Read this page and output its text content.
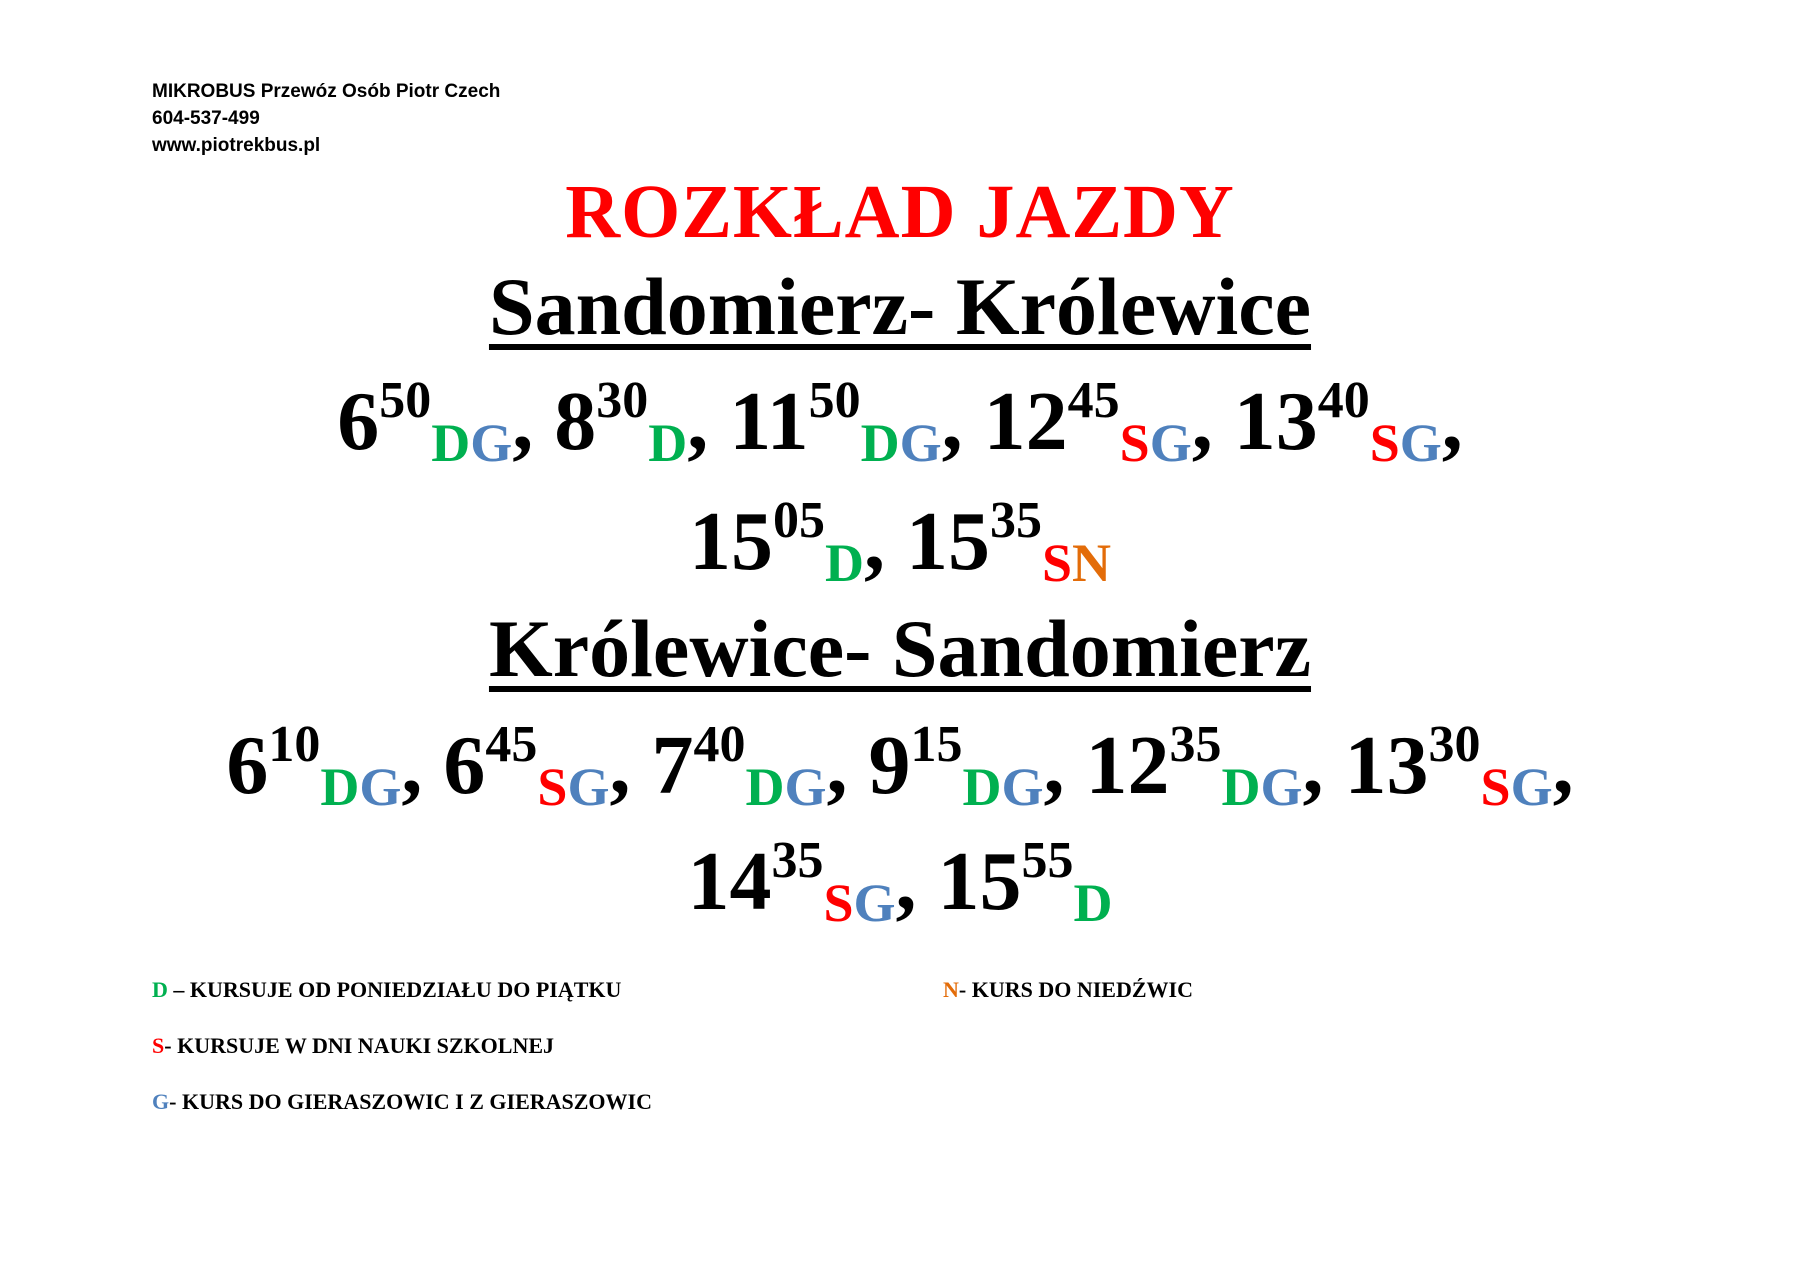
MIKROBUS Przewóz Osób Piotr Czech
604-537-499
www.piotrekbus.pl
ROZKŁAD JAZDY
Sandomierz- Królewice
$6^{50}DG$, $8^{30}D$, $11^{50}DG$, $12^{45}SG$, $13^{40}SG$,
$15^{05}D$, $15^{35}SN$
Królewice- Sandomierz
$6^{10}DG$, $6^{45}SG$, $7^{40}DG$, $9^{15}DG$, $12^{35}DG$, $13^{30}SG$,
$14^{35}SG$, $15^{55}D$
D – KURSUJE OD PONIEDZIAŁU DO PIĄTKU
S- KURSUJE W DNI NAUKI SZKOLNEJ
G- KURS DO GIERASZOWIC I Z GIERASZOWIC
N- KURS DO NIEDŹWIC
